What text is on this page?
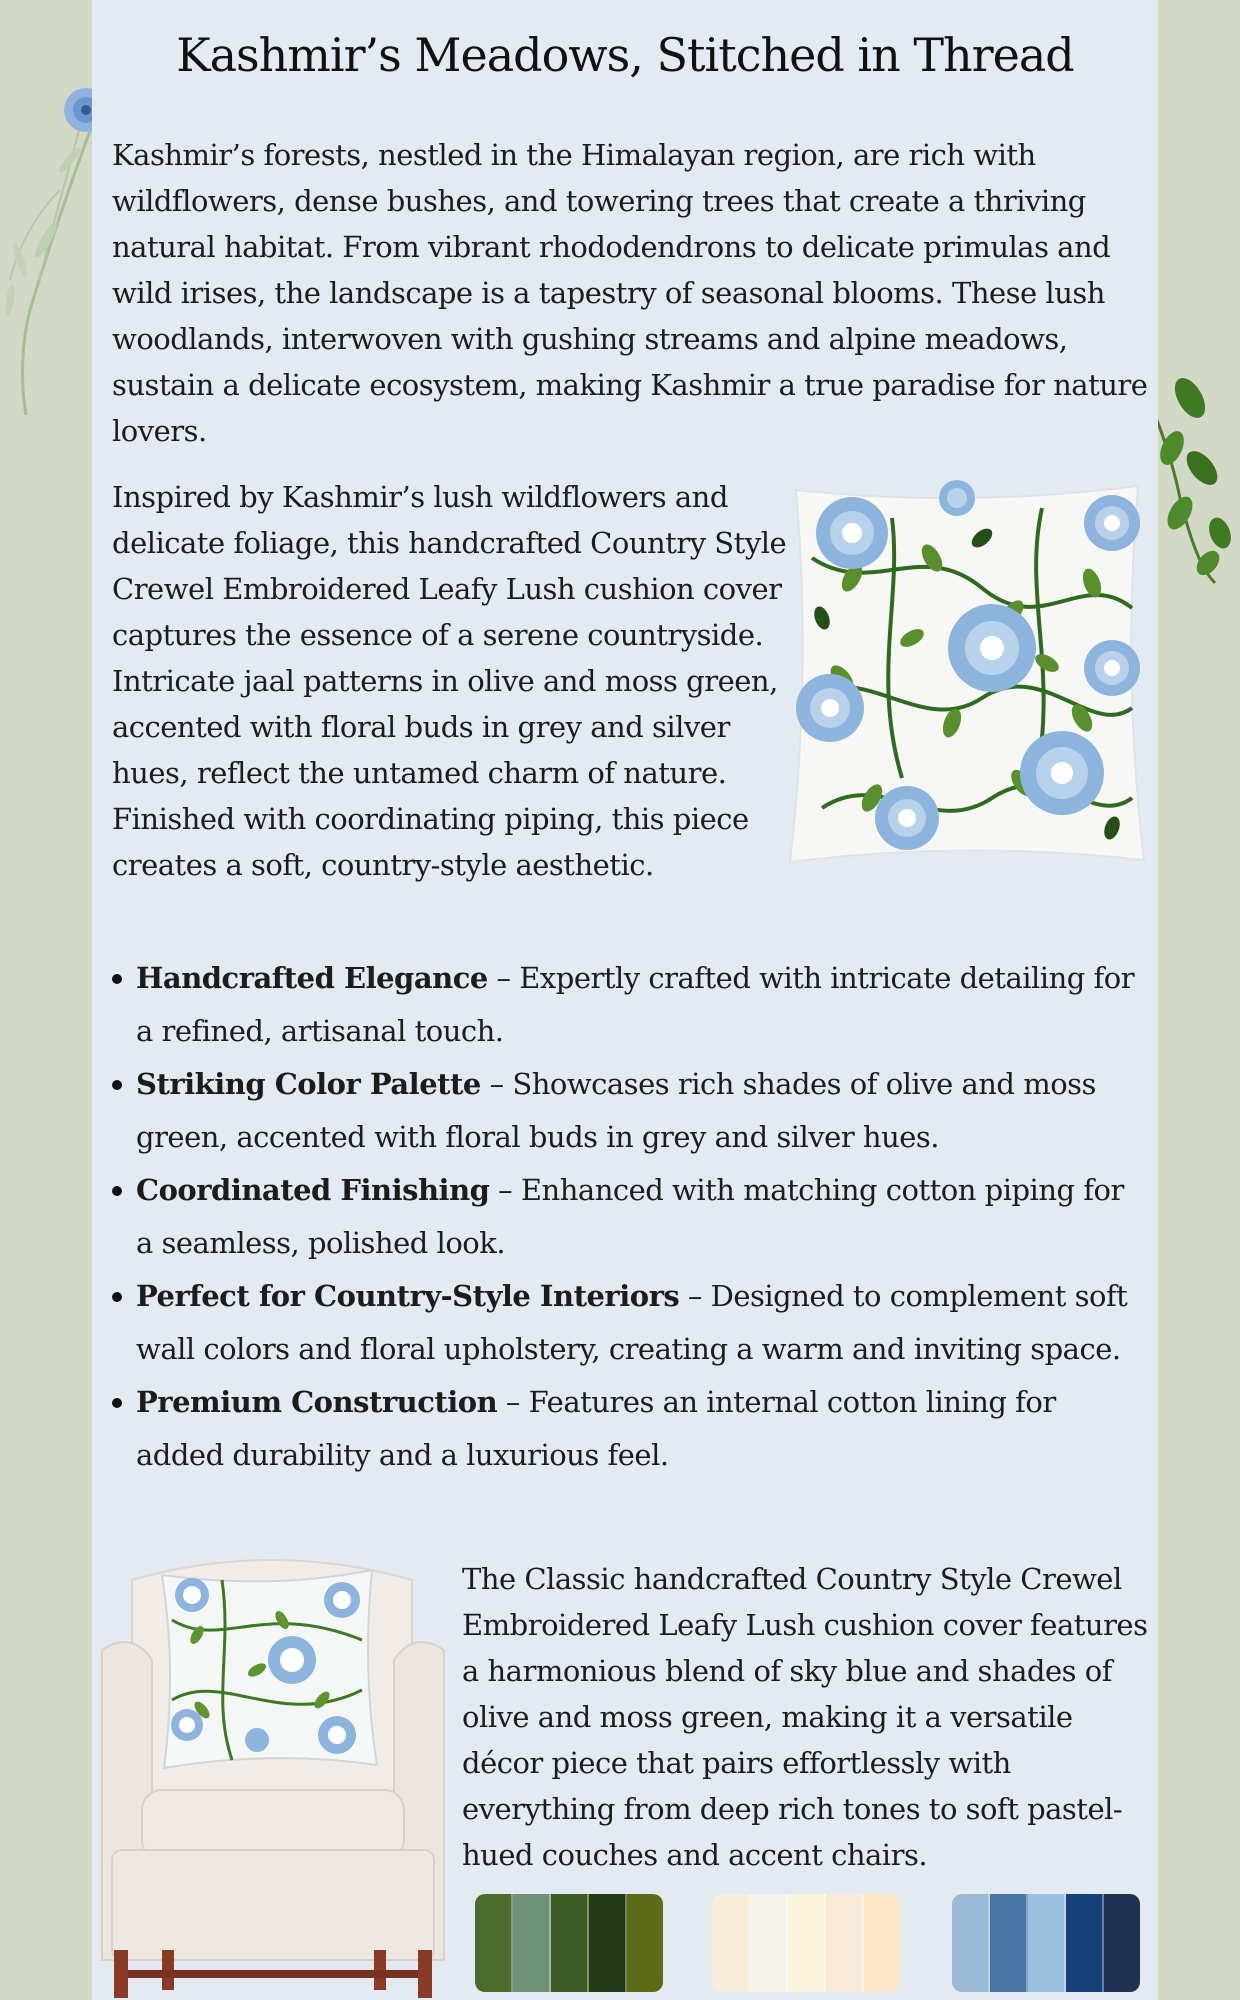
Kashmir’s Meadows, Stitched in Thread

Kashmir’s forests, nestled in the Himalayan region, are rich with wildflowers, dense bushes, and towering trees that create a thriving natural habitat. From vibrant rhododendrons to delicate primulas and wild irises, the landscape is a tapestry of seasonal blooms. These lush woodlands, interwoven with gushing streams and alpine meadows, sustain a delicate ecosystem, making Kashmir a true paradise for nature lovers.

Inspired by Kashmir’s lush wildflowers and delicate foliage, this handcrafted Country Style Crewel Embroidered Leafy Lush cushion cover captures the essence of a serene countryside. Intricate jaal patterns in olive and moss green, accented with floral buds in grey and silver hues, reflect the untamed charm of nature. Finished with coordinating piping, this piece creates a soft, country-style aesthetic.

Handcrafted Elegance – Expertly crafted with intricate detailing for a refined, artisanal touch.
Striking Color Palette – Showcases rich shades of olive and moss green, accented with floral buds in grey and silver hues.
Coordinated Finishing – Enhanced with matching cotton piping for a seamless, polished look.
Perfect for Country-Style Interiors – Designed to complement soft wall colors and floral upholstery, creating a warm and inviting space.
Premium Construction – Features an internal cotton lining for added durability and a luxurious feel.

The Classic handcrafted Country Style Crewel Embroidered Leafy Lush cushion cover features a harmonious blend of sky blue and shades of olive and moss green, making it a versatile décor piece that pairs effortlessly with everything from deep rich tones to soft pastel-hued couches and accent chairs.
